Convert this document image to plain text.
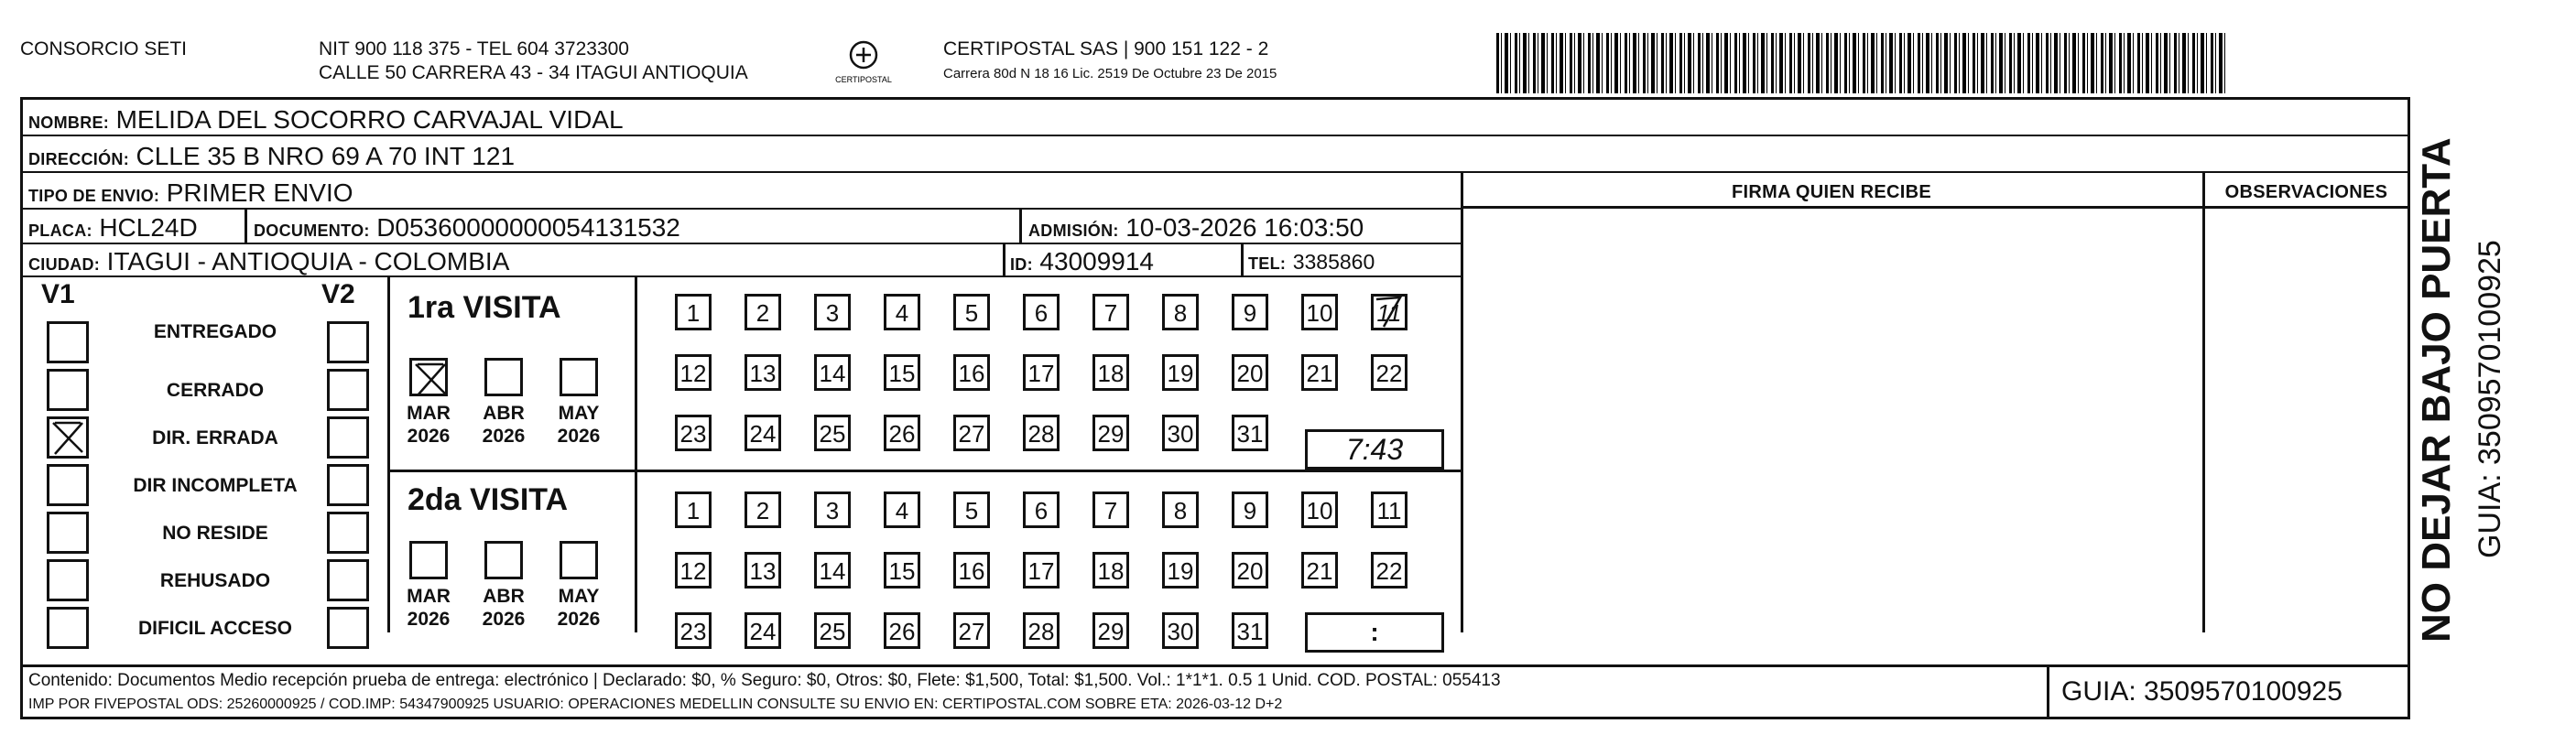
CONSORCIO SETI	NIT 900 118 375 - TEL 604 3723300
CALLE 50 CARRERA 43 - 34 ITAGUI ANTIOQUIA	CERTIPOSTAL
CERTIPOSTAL SAS | 900 151 122 - 2
Carrera 80d N 18 16 Lic. 2519 De Octubre 23 De 2015
NOMBRE: MELIDA DEL SOCORRO CARVAJAL VIDAL
DIRECCIÓN: CLLE 35 B NRO 69 A 70 INT 121
TIPO DE ENVIO: PRIMER ENVIO
PLACA: HCL24D	DOCUMENTO: D05360000000054131532	ADMISIÓN: 10-03-2026 16:03:50
CIUDAD: ITAGUI - ANTIOQUIA - COLOMBIA	ID: 43009914	TEL: 3385860
FIRMA QUIEN RECIBE	OBSERVACIONES
V1	V2
ENTREGADO
CERRADO
DIR. ERRADA
DIR INCOMPLETA
NO RESIDE
REHUSADO
DIFICIL ACCESO
1ra VISITA
2da VISITA
MAR
2026
ABR
2026
MAY
2026
MAR
2026
ABR
2026
MAY
2026
1	2	3	4	5	6	7	8	9	10 11
12 13 14 15 16 17 18 19 20 21 22
23 24 25 26 27 28 29 30 31
1	2	3	4	5	6	7	8	9	10 11
12 13 14 15 16 17 18 19 20 21 22
23 24 25 26 27 28 29 30 31
7:43
:
Contenido: Documentos Medio recepción prueba de entrega: electrónico | Declarado: $0, % Seguro: $0, Otros: $0, Flete: $1,500, Total: $1,500. Vol.: 1*1*1. 0.5 1 Unid. COD. POSTAL: 055413
IMP POR FIVEPOSTAL ODS: 25260000925 / COD.IMP: 54347900925 USUARIO: OPERACIONES MEDELLIN CONSULTE SU ENVIO EN: CERTIPOSTAL.COM SOBRE ETA: 2026-03-12 D+2	GUIA: 3509570100925
NO DEJAR BAJO PUERTA GUIA: 3509570100925
